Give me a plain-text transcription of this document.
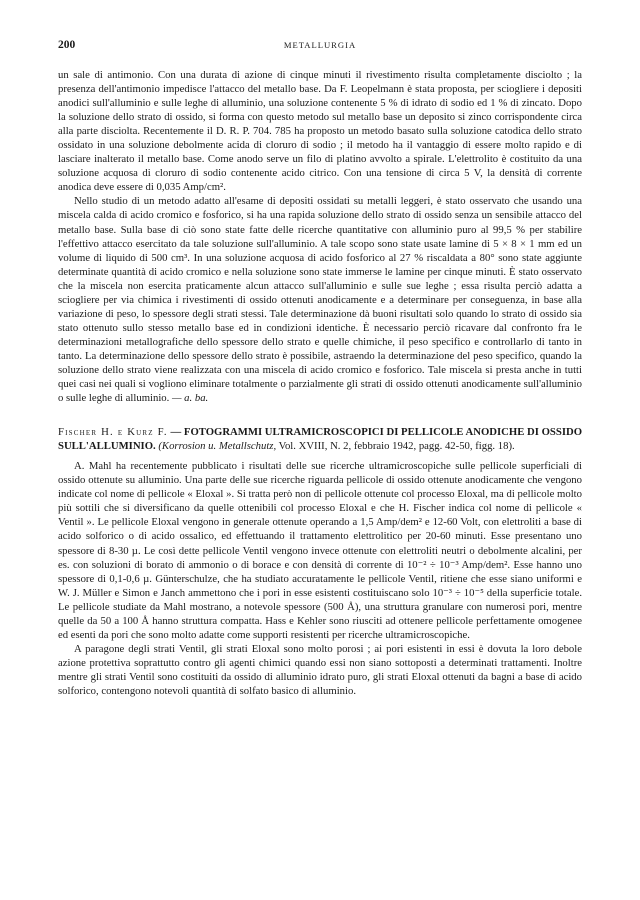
200	METALLURGIA

un sale di antimonio. Con una durata di azione di cinque minuti il rivestimento risulta completamente disciolto ; la presenza dell'antimonio impedisce l'attacco del metallo base. Da F. Leopelmann è stata proposta, per sciogliere i depositi anodici sull'alluminio e sulle leghe di alluminio, una soluzione contenente 5 % di idrato di sodio ed 1 % di zincato. Dopo la soluzione dello strato di ossido, si forma con questo metodo sul metallo base un deposito si zinco corrispondente circa alla parte disciolta. Recentemente il D. R. P. 704. 785 ha proposto un metodo basato sulla soluzione catodica dello strato ossidato in una soluzione debolmente acida di cloruro di sodio ; il metodo ha il vantaggio di essere molto rapido e di lasciare inalterato il metallo base. Come anodo serve un filo di platino avvolto a spirale. L'elettrolito è costituito da una soluzione acquosa di cloruro di sodio contenente acido citrico. Con una tensione di circa 5 V, la densità di corrente anodica deve essere di 0,035 Amp/cm².

Nello studio di un metodo adatto all'esame di depositi ossidati su metalli leggeri, è stato osservato che usando una miscela calda di acido cromico e fosforico, si ha una rapida soluzione dello strato di ossido senza un sensibile attacco del metallo base. Sulla base di ciò sono state fatte delle ricerche quantitative con alluminio puro al 99,5 % per stabilire l'effettivo attacco esercitato da tale soluzione sull'alluminio. A tale scopo sono state usate lamine di 5 × 8 × 1 mm ed un volume di liquido di 500 cm³. In una soluzione acquosa di acido fosforico al 27 % riscaldata a 80° sono state aggiunte determinate quantità di acido cromico e nella soluzione sono state immerse le lamine per cinque minuti. È stato osservato che la miscela non esercita praticamente alcun attacco sull'alluminio e sulle sue leghe ; essa risulta perciò adatta a sciogliere per via chimica i rivestimenti di ossido ottenuti anodicamente e a determinare per conseguenza, in base alla variazione di peso, lo spessore degli strati stessi. Tale determinazione dà buoni risultati solo quando lo strato di ossido sia stato ottenuto sullo stesso metallo base ed in condizioni identiche. È necessario perciò ricavare dal confronto fra le determinazioni metallografiche dello spessore dello strato e quelle chimiche, il peso specifico e controllarlo di tanto in tanto. La determinazione dello spessore dello strato è possibile, astraendo la determinazione del peso specifico, quando la soluzione dello strato viene realizzata con una miscela di acido cromico e fosforico. Tale miscela si presta anche in tutti quei casi nei quali si vogliono eliminare totalmente o parzialmente gli strati di ossido ottenuti anodicamente sull'alluminio o sulle leghe di alluminio. — a. ba.

Fischer H. e Kurz F. — FOTOGRAMMI ULTRAMICROSCOPICI DI PELLICOLE ANODICHE DI OSSIDO SULL'ALLUMINIO. (Korrosion u. Metallschutz, Vol. XVIII, N. 2, febbraio 1942, pagg. 42-50, figg. 18).

A. Mahl ha recentemente pubblicato i risultati delle sue ricerche ultramicroscopiche sulle pellicole superficiali di ossido ottenute su alluminio. Una parte delle sue ricerche riguarda pellicole di ossido ottenute anodicamente che vengono indicate col nome di pellicole « Eloxal ». Si tratta però non di pellicole ottenute col processo Eloxal, ma di pellicole molto più sottili che si diversificano da quelle ottenibili col processo Eloxal e che H. Fischer indica col nome di pellicole « Ventil ». Le pellicole Eloxal vengono in generale ottenute operando a 1,5 Amp/dem² e 12-60 Volt, con elettroliti a base di acido solforico o di acido ossalico, ed effettuando il trattamento elettrolitico per 20-60 minuti. Esse presentano uno spessore di 8-30 µ. Le così dette pellicole Ventil vengono invece ottenute con elettroliti neutri o debolmente alcalini, per es. con soluzioni di borato di ammonio o di borace e con densità di corrente di 10⁻² ÷ 10⁻³ Amp/dem². Esse hanno uno spessore di 0,1-0,6 µ. Günterschulze, che ha studiato accuratamente le pellicole Ventil, ritiene che esse siano uniformi e W. J. Müller e Simon e Janch ammettono che i pori in esse esistenti costituiscano solo 10⁻³ ÷ 10⁻⁵ della superficie totale. Le pellicole studiate da Mahl mostrano, a notevole spessore (500 Å), una struttura granulare con numerosi pori, mentre quelle da 50 a 100 Å hanno struttura compatta. Hass e Kehler sono riusciti ad ottenere pellicole perfettamente omogenee ed esenti da pori che sono molto adatte come supporti resistenti per ricerche ultramicroscopiche.

A paragone degli strati Ventil, gli strati Eloxal sono molto porosi ; ai pori esistenti in essi è dovuta la loro debole azione protettiva soprattutto contro gli agenti chimici quando essi non siano sottoposti a determinati trattamenti. Inoltre mentre gli strati Ventil sono costituiti da ossido di alluminio idrato puro, gli strati Eloxal ottenuti da bagni a base di acido solforico, contengono notevoli quantità di solfato basico di alluminio.
